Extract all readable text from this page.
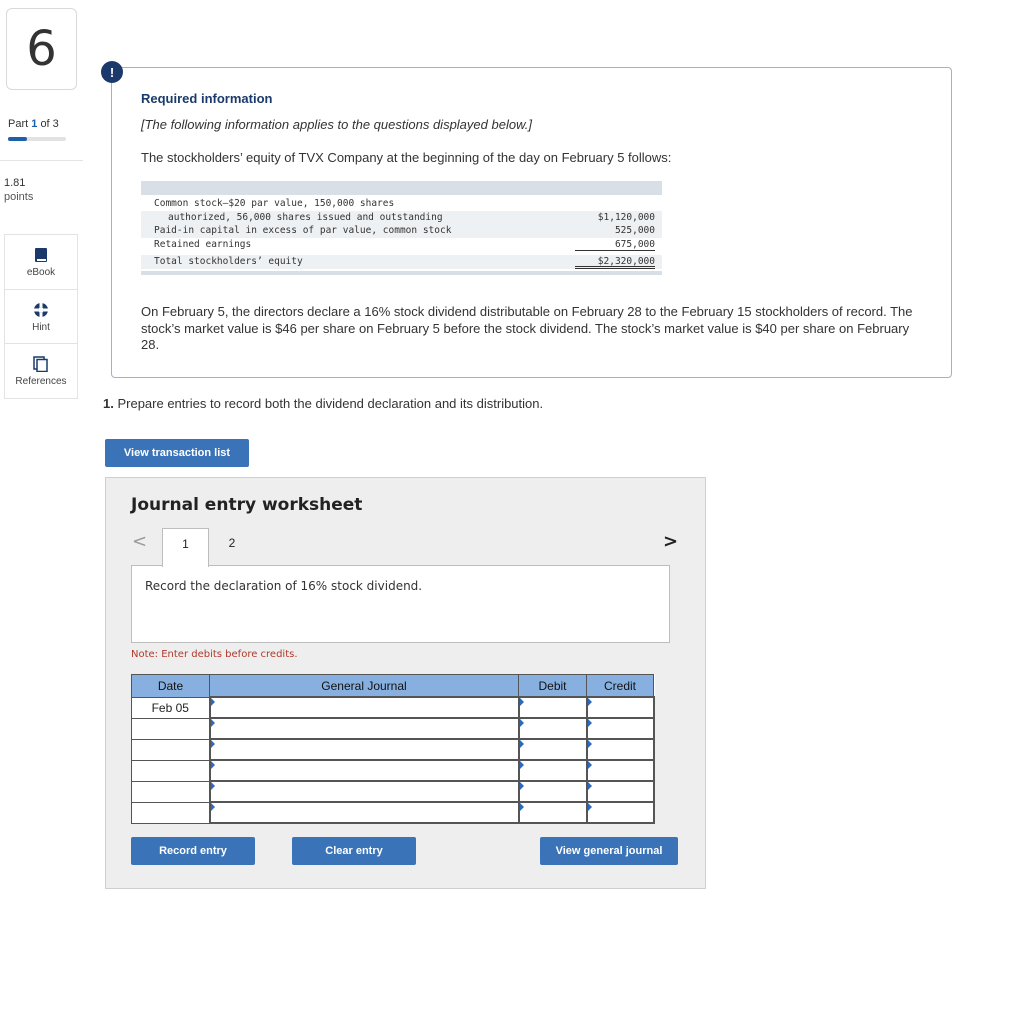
6
Part 1 of 3
1.81
points
eBook
Hint
References
!
Required information
[The following information applies to the questions displayed below.]
The stockholders’ equity of TVX Company at the beginning of the day on February 5 follows:
Common stock—$20 par value, 150,000 shares
authorized, 56,000 shares issued and outstanding	$1,120,000
Paid-in capital in excess of par value, common stock	525,000
Retained earnings	675,000
Total stockholders’ equity	$2,320,000
On February 5, the directors declare a 16% stock dividend distributable on February 28 to the February 15 stockholders of record. The stock’s market value is $46 per share on February 5 before the stock dividend. The stock’s market value is $40 per share on February 28.
1. Prepare entries to record both the dividend declaration and its distribution.
View transaction list
Journal entry worksheet
<	>
1	2
Record the declaration of 16% stock dividend.
Note: Enter debits before credits.
Date	General Journal	Debit	Credit
Feb 05			

Record entry	Clear entry	View general journal
